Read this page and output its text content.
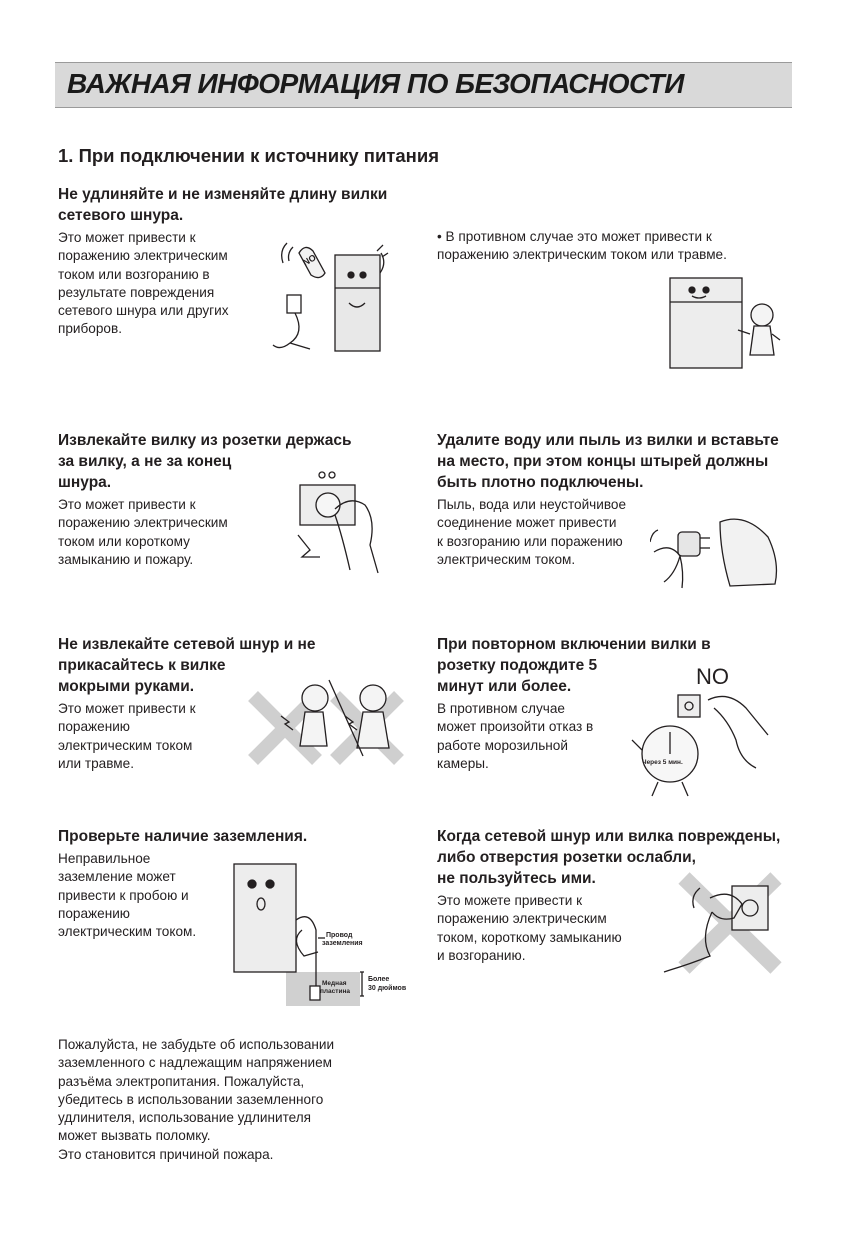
ВАЖНАЯ ИНФОРМАЦИЯ ПО БЕЗОПАСНОСТИ
1. При подключении к источнику питания
Не удлиняйте и не изменяйте длину вилки
сетевого шнура.

Это может привести к
поражению электрическим
током или возгоранию в
результате повреждения
сетевого шнура или других
приборов.

NO
• В противном случае это может привести к
поражению электрическим током или травме.
Извлекайте вилку из розетки держась
за вилку, а не за конец
шнура.

Это может привести к
поражению электрическим
током или короткому
замыканию и пожару.

Удалите воду или пыль из вилки и вставьте
на место, при этом концы штырей должны
быть плотно подключены.

Пыль, вода или неустойчивое
соединение может привести
к возгоранию или поражению
электрическим током.

Не извлекайте сетевой шнур и не
прикасайтесь к вилке
мокрыми руками.

Это может привести к
поражению
электрическим током
или травме.

При повторном включении вилки в
розетку подождите 5
минут или более.

В противном случае
может произойти отказ в
работе морозильной
камеры.

NO
Через 5 мин.
Проверьте наличие заземления.

Неправильное
заземление может
привести к пробою и
поражению
электрическим током.	Провод
заземления
Медная
пластина
Более
30 дюймов
Когда сетевой шнур или вилка повреждены,
либо отверстия розетки ослабли,
не пользуйтесь ими.

Это можете привести к
поражению электрическим
током, короткому замыканию
и возгоранию.

Пожалуйста, не забудьте об использовании
заземленного с надлежащим напряжением
разъёма электропитания. Пожалуйста,
убедитесь в использовании заземленного
удлинителя, использование удлинителя
может вызвать поломку.
Это становится причиной пожара.
